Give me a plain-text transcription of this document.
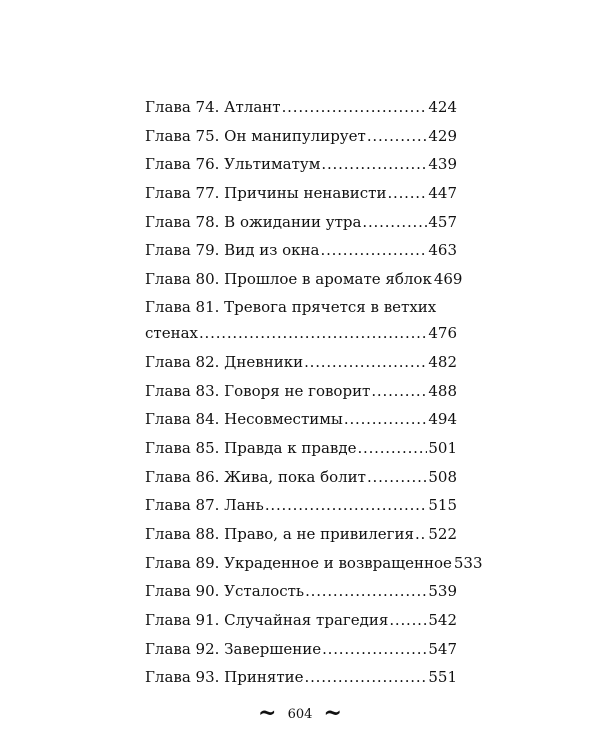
Глава 74. Атлант .....	424
Глава 75. Он манипулирует .....	429
Глава 76. Ультиматум .....	439
Глава 77. Причины ненависти .....	447
Глава 78. В ожидании утра .....	457
Глава 79. Вид из окна .....	463
Глава 80. Прошлое в аромате яблок 469
Глава 81. Тревога прячется в ветхих
стенах .....	476
Глава 82. Дневники .....	482
Глава 83. Говоря не говорит .....	488
Глава 84. Несовместимы .....	494
Глава 85. Правда к правде .....	501
Глава 86. Жива, пока болит .....	508
Глава 87. Лань .....	515
Глава 88. Право, а не привилегия ..... 522
Глава 89. Украденное и возвращенное 533
Глава 90. Усталость .....	539
Глава 91. Случайная трагедия .....	542
Глава 92. Завершение .....	547
Глава 93. Принятие .....	551
~ 604 ~
